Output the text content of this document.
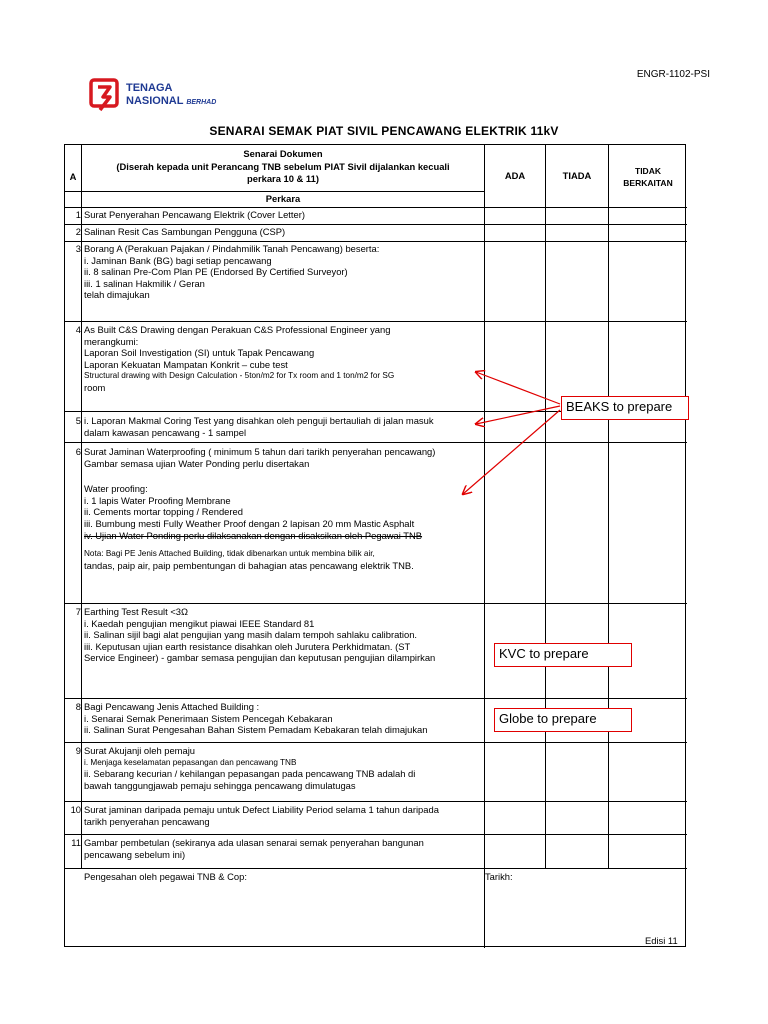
ENGR-1102-PSI
TENAGA
NASIONAL BERHAD
SENARAI SEMAK PIAT SIVIL PENCAWANG ELEKTRIK 11kV
A
Senarai Dokumen
(Diserah kepada unit Perancang TNB sebelum PIAT Sivil dijalankan kecuali perkara 10 & 11)
Perkara
ADA	TIADA	TIDAK
BERKAITAN
1 Surat Penyerahan Pencawang Elektrik (Cover Letter)
2 Salinan Resit Cas Sambungan Pengguna (CSP)
3 Borang A (Perakuan Pajakan / Pindahmilik Tanah Pencawang) beserta:
i. Jaminan Bank (BG) bagi setiap pencawang
ii. 8 salinan Pre-Com Plan PE (Endorsed By Certified Surveyor)
iii. 1 salinan Hakmilik / Geran
telah dimajukan
4 As Built C&S Drawing dengan Perakuan C&S Professional Engineer yang
merangkumi:
Laporan Soil Investigation (SI) untuk Tapak Pencawang
Laporan Kekuatan Mampatan Konkrit – cube test
Structural drawing with Design Calculation - 5ton/m2 for Tx room and 1 ton/m2 for SG
room
5 i. Laporan Makmal Coring Test yang disahkan oleh penguji bertauliah di jalan masuk
dalam kawasan pencawang - 1 sampel
6 Surat Jaminan Waterproofing ( minimum 5 tahun dari tarikh penyerahan pencawang)
Gambar semasa ujian Water Ponding perlu disertakan
Water proofing:
i. 1 lapis Water Proofing Membrane
ii. Cements mortar topping / Rendered
iii. Bumbung mesti Fully Weather Proof dengan 2 lapisan 20 mm Mastic Asphalt
iv. Ujian Water Ponding perlu dilaksanakan dengan disaksikan oleh Pegawai TNB
Nota: Bagi PE Jenis Attached Building, tidak dibenarkan untuk membina bilik air,
tandas, paip air, paip pembentungan di bahagian atas pencawang elektrik TNB.
7 Earthing Test Result <3Ω
i. Kaedah pengujian mengikut piawai IEEE Standard 81
ii. Salinan sijil bagi alat pengujian yang masih dalam tempoh sahlaku calibration.
iii. Keputusan ujian earth resistance disahkan oleh Jurutera Perkhidmatan. (ST
Service Engineer) - gambar semasa pengujian dan keputusan pengujian dilampirkan
8 Bagi Pencawang Jenis Attached Building :
i. Senarai Semak Penerimaan Sistem Pencegah Kebakaran
ii. Salinan Surat Pengesahan Bahan Sistem Pemadam Kebakaran telah dimajukan
9 Surat Akujanji oleh pemaju
i. Menjaga keselamatan pepasangan dan pencawang TNB
ii. Sebarang kecurian / kehilangan pepasangan pada pencawang TNB adalah di
bawah tanggungjawab pemaju sehingga pencawang dimulatugas
10 Surat jaminan daripada pemaju untuk Defect Liability Period selama 1 tahun daripada
tarikh penyerahan pencawang
11 Gambar pembetulan (sekiranya ada ulasan senarai semak penyerahan bangunan
pencawang sebelum ini)
Pengesahan oleh pegawai TNB & Cop:	Tarikh:
Edisi 11
BEAKS to prepare
KVC to prepare
Globe to prepare
